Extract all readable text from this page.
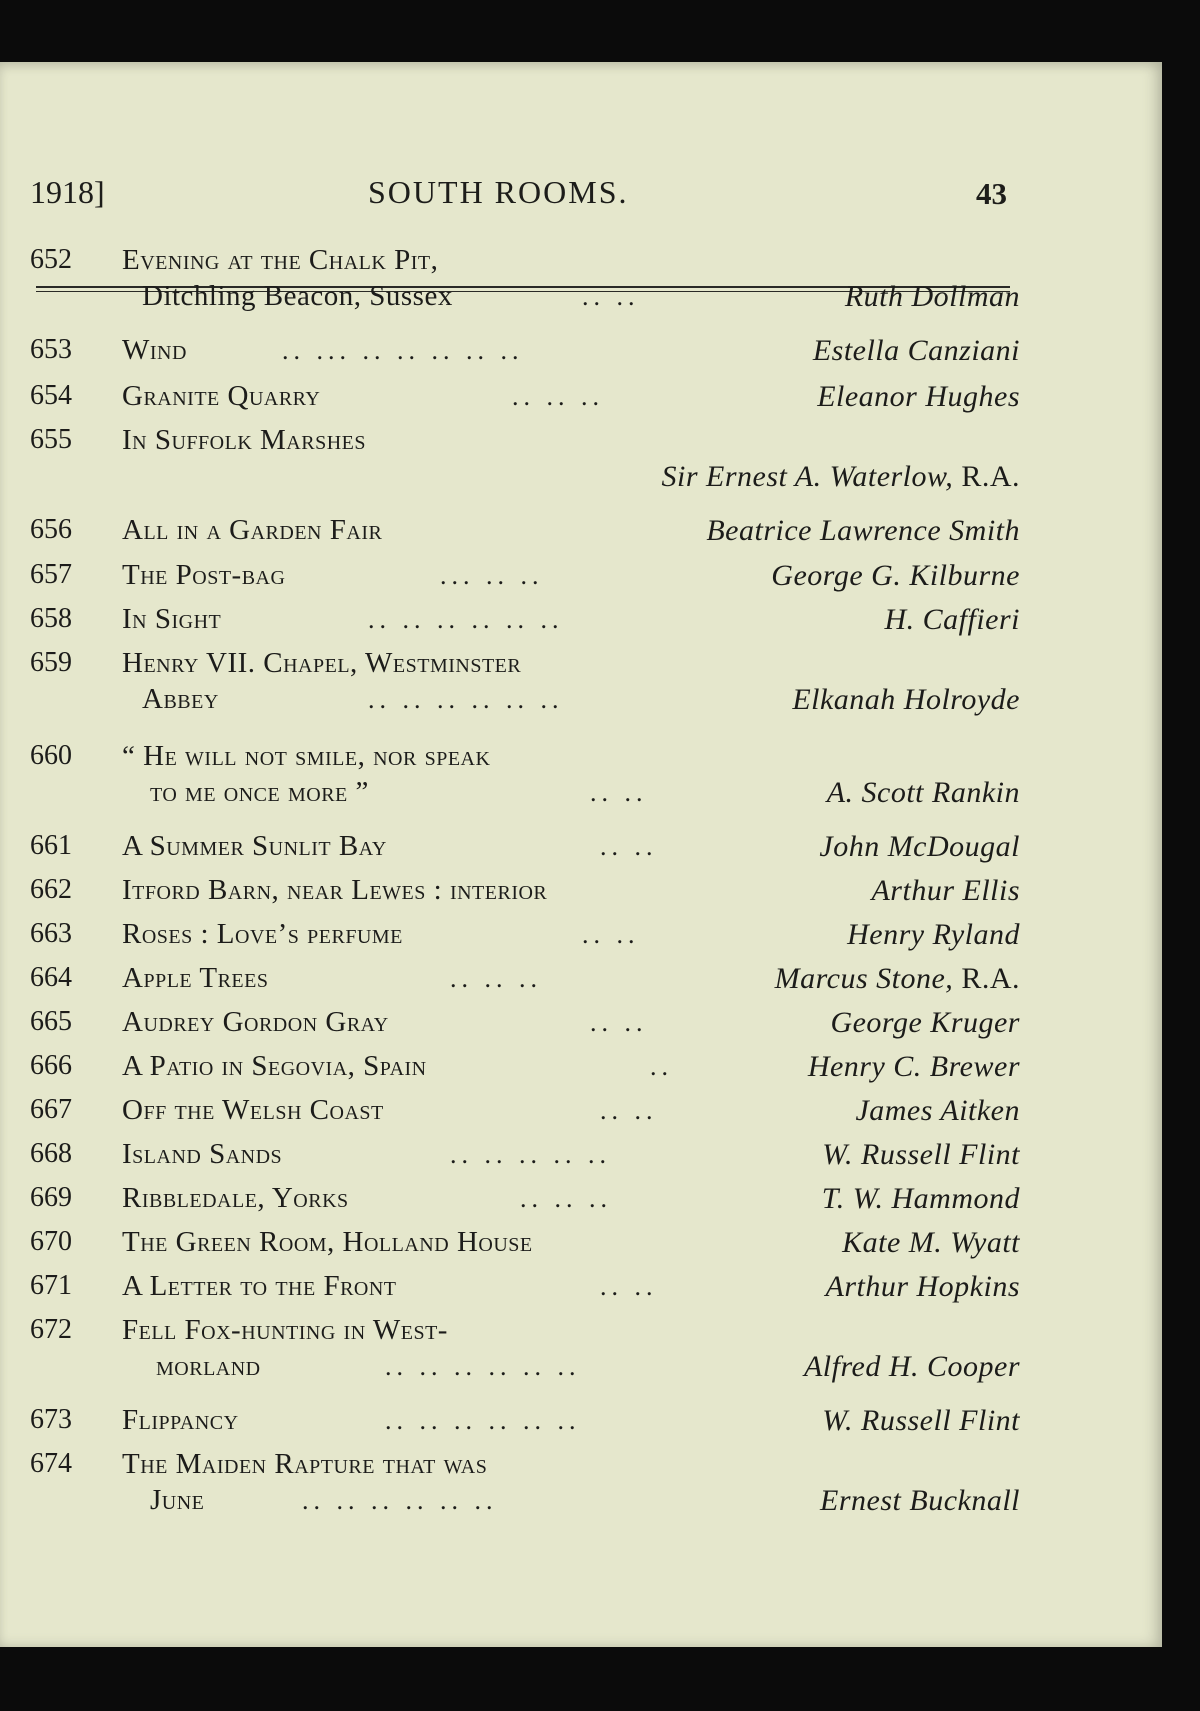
1918]	SOUTH ROOMS.	43
652 Evening at the Chalk Pit,
Ditchling Beacon, Sussex	.. ..	Ruth Dollman
653 Wind	.. ... .. .. .. .. ..	Estella Canziani
654 Granite Quarry	.. .. ..	Eleanor Hughes
655 In Suffolk Marshes
Sir Ernest A. Waterlow, R.A.
656 All in a Garden Fair	Beatrice Lawrence Smith
657 The Post-bag	... .. ..	George G. Kilburne
658 In Sight	.. .. .. .. .. ..	H. Caffieri
659 Henry VII. Chapel, Westminster
Abbey	.. .. .. .. .. ..	Elkanah Holroyde
660 “ He will not smile, nor speak
to me once more ”	.. ..	A. Scott Rankin
661 A Summer Sunlit Bay	.. ..	John McDougal
662 Itford Barn, near Lewes : interior	Arthur Ellis
663 Roses : Love’s perfume	.. ..	Henry Ryland
664 Apple Trees	.. .. ..	Marcus Stone, R.A.
665 Audrey Gordon Gray	.. ..	George Kruger
666 A Patio in Segovia, Spain	..	Henry C. Brewer
667 Off the Welsh Coast	.. ..	James Aitken
668 Island Sands	.. .. .. .. ..	W. Russell Flint
669 Ribbledale, Yorks	.. .. ..	T. W. Hammond
670 The Green Room, Holland House	Kate M. Wyatt
671 A Letter to the Front	.. ..	Arthur Hopkins
672 Fell Fox-hunting in West-
morland	.. .. .. .. .. ..	Alfred H. Cooper
673 Flippancy	.. .. .. .. .. ..	W. Russell Flint
674 The Maiden Rapture that was
June	.. .. .. .. .. ..	Ernest Bucknall
